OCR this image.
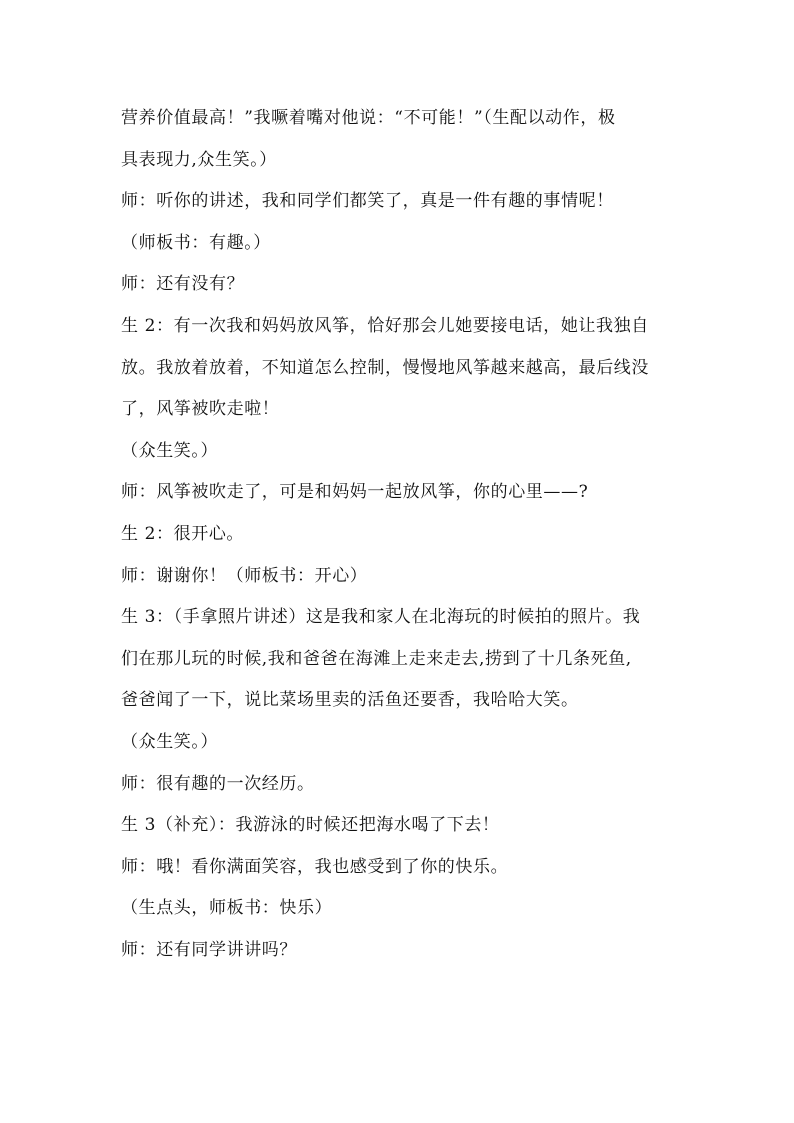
营养价值最高！”我噘着嘴对他说：“不可能！”（生配以动作，极
具表现力,众生笑。）
师：听你的讲述，我和同学们都笑了，真是一件有趣的事情呢！
（师板书：有趣。）
师：还有没有？
生 2：有一次我和妈妈放风筝，恰好那会儿她要接电话，她让我独自
放。我放着放着，不知道怎么控制，慢慢地风筝越来越高，最后线没
了，风筝被吹走啦！
（众生笑。）
师：风筝被吹走了，可是和妈妈一起放风筝，你的心里——?
生 2：很开心。
师：谢谢你！（师板书：开心）
生 3：（手拿照片讲述）这是我和家人在北海玩的时候拍的照片。我
们在那儿玩的时候,我和爸爸在海滩上走来走去,捞到了十几条死鱼,
爸爸闻了一下，说比菜场里卖的活鱼还要香，我哈哈大笑。
（众生笑。）
师：很有趣的一次经历。
生 3（补充）：我游泳的时候还把海水喝了下去！
师：哦！看你满面笑容，我也感受到了你的快乐。
（生点头，师板书：快乐）
师：还有同学讲讲吗？
